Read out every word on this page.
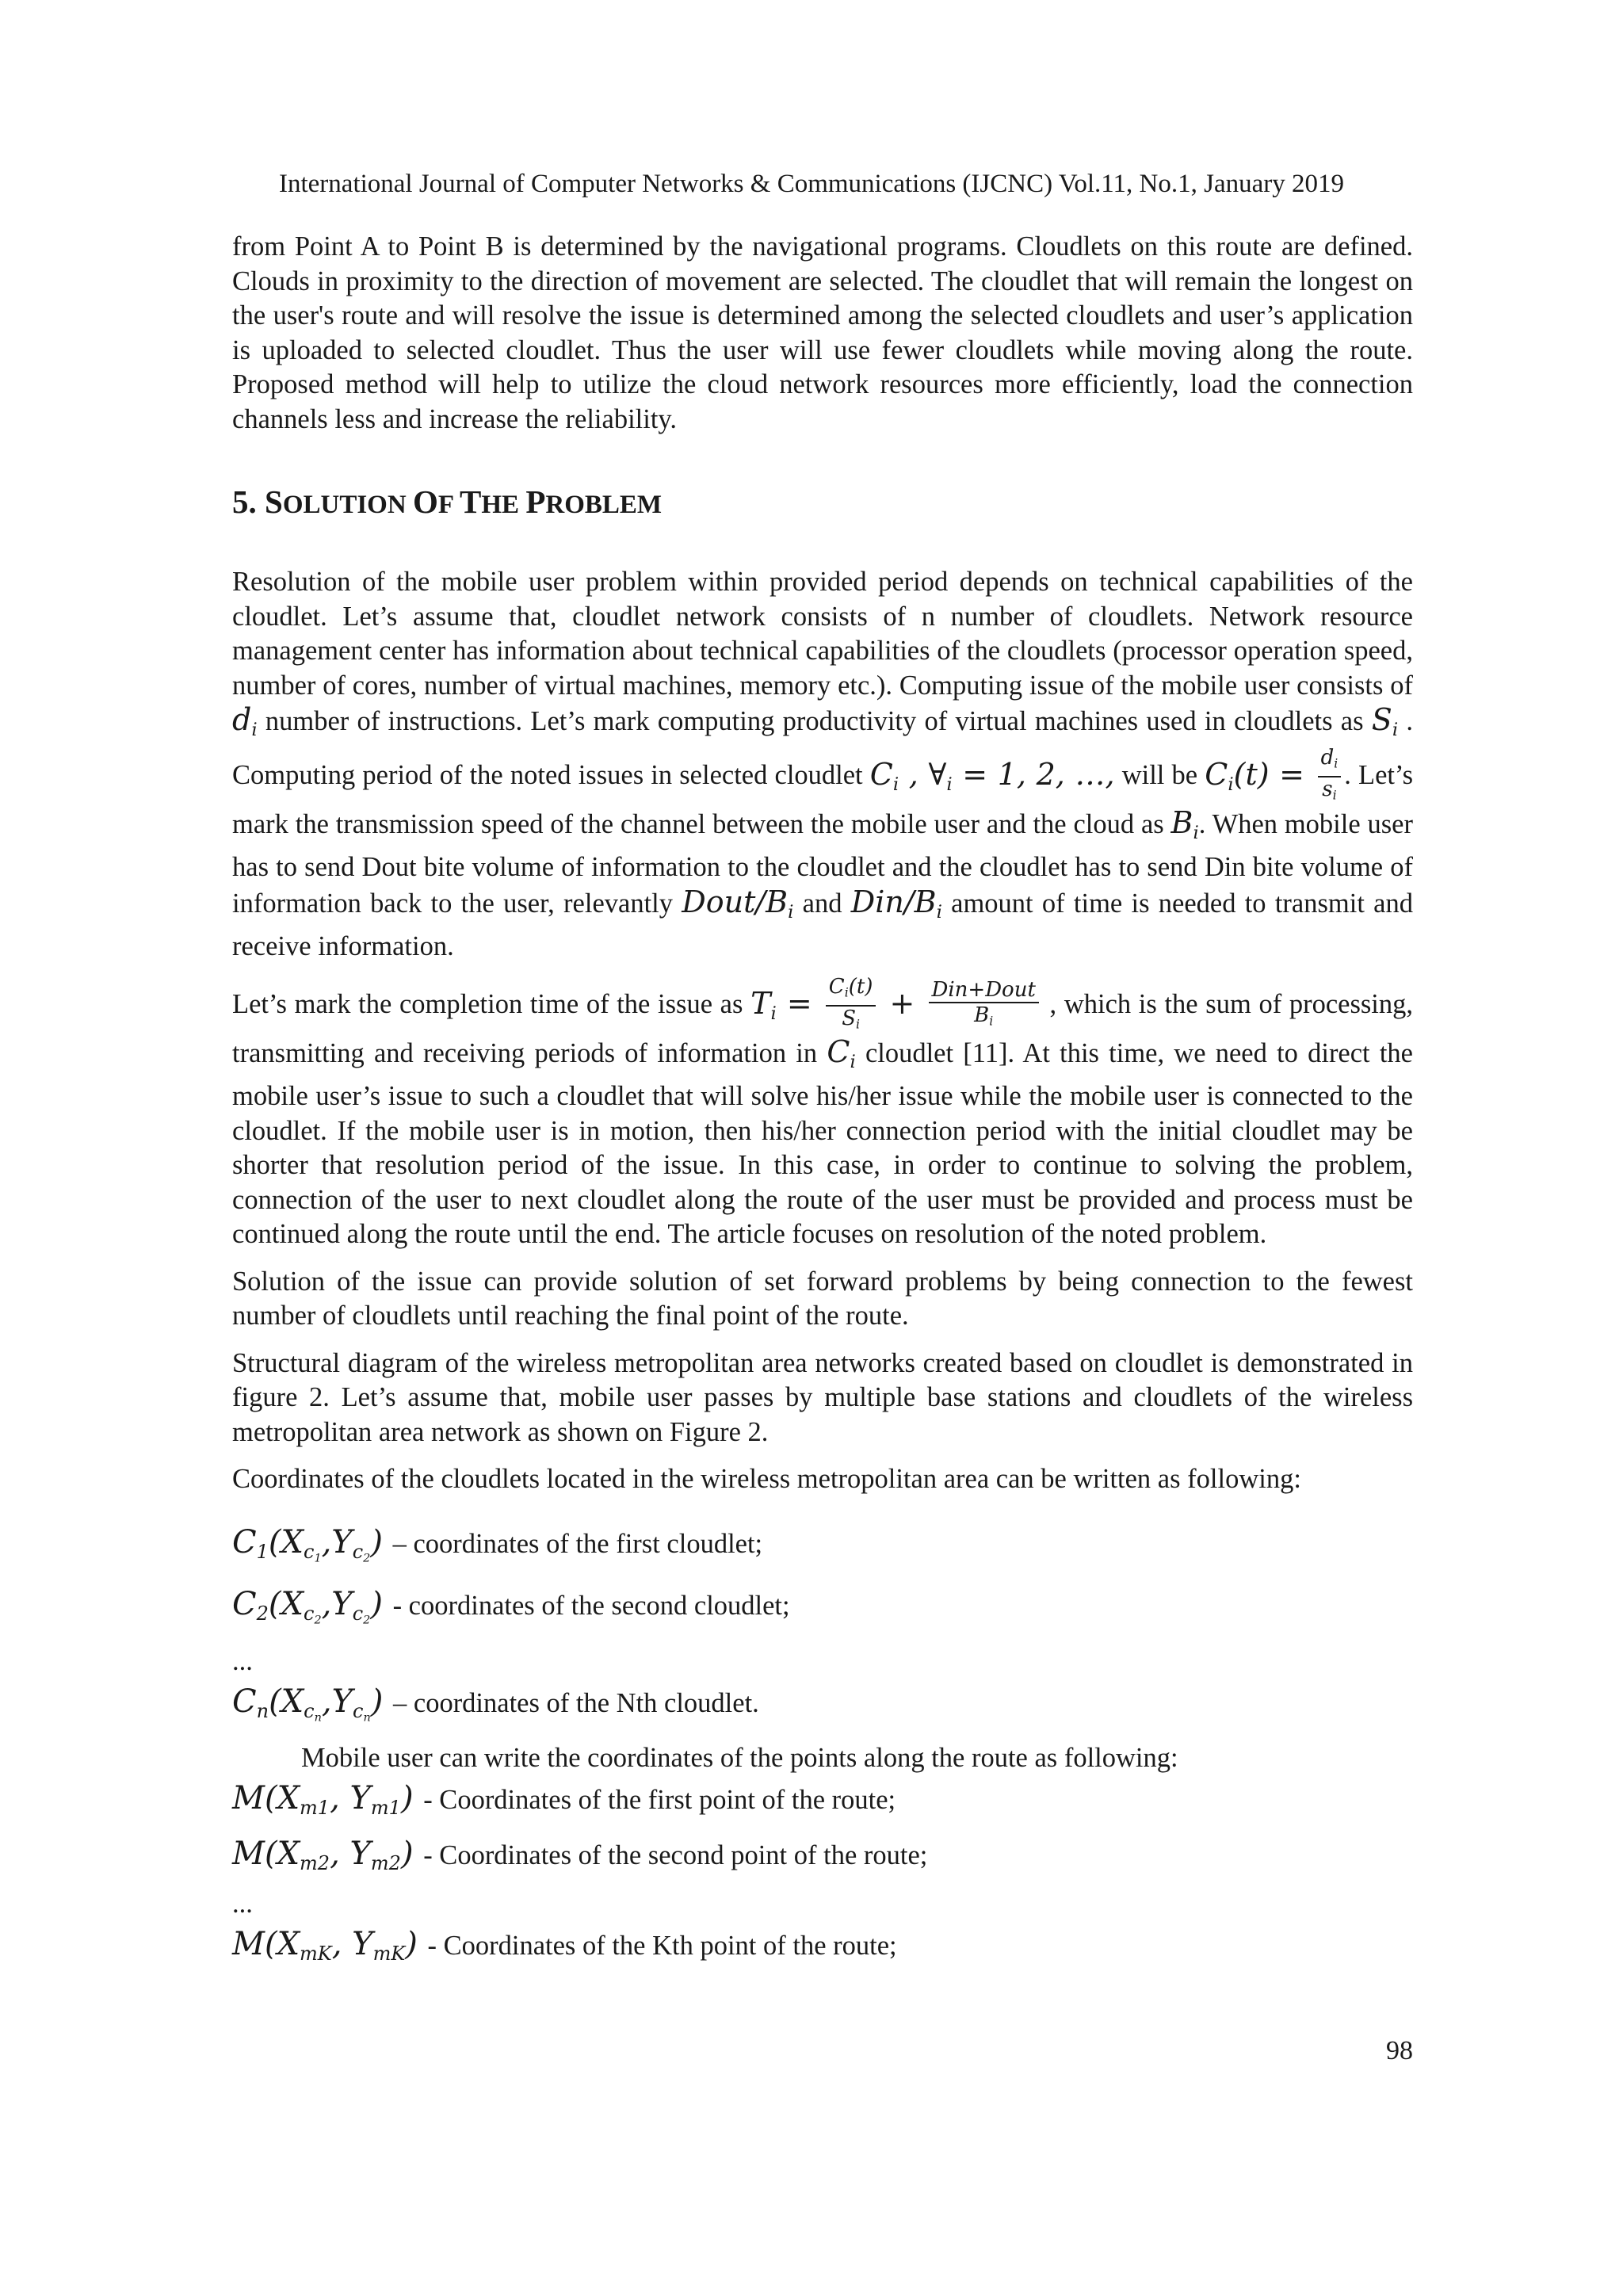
International Journal of Computer Networks & Communications (IJCNC) Vol.11, No.1, January 2019

from Point A to Point B is determined by the navigational programs. Cloudlets on this route are defined. Clouds in proximity to the direction of movement are selected. The cloudlet that will remain the longest on the user's route and will resolve the issue is determined among the selected cloudlets and user’s application is uploaded to selected cloudlet. Thus the user will use fewer cloudlets while moving along the route. Proposed method will help to utilize the cloud network resources more efficiently, load the connection channels less and increase the reliability.

5. SOLUTION OF THE PROBLEM

Resolution of the mobile user problem within provided period depends on technical capabilities of the cloudlet. Let’s assume that, cloudlet network consists of n number of cloudlets. Network resource management center has information about technical capabilities of the cloudlets (processor operation speed, number of cores, number of virtual machines, memory etc.). Computing issue of the mobile user consists of $d_i$ number of instructions. Let’s mark computing productivity of virtual machines used in cloudlets as $S_i$ . Computing period of the noted issues in selected cloudlet $C_i$ , $\forall_i = 1$, 2, …, will be $C_i(t) = \frac{d_i}{s_i}$ . Let’s mark the transmission speed of the channel between the mobile user and the cloud as $B_i$. When mobile user has to send Dout bite volume of information to the cloudlet and the cloudlet has to send Din bite volume of information back to the user, relevantly Dout/$B_i$ and Din/$B_i$ amount of time is needed to transmit and receive information.

Let’s mark the completion time of the issue as $T_i = \frac{C_i(t)}{S_i} + \frac{\text{Din+Dout}}{B_i}$ , which is the sum of processing, transmitting and receiving periods of information in $C_i$ cloudlet [11]. At this time, we need to direct the mobile user’s issue to such a cloudlet that will solve his/her issue while the mobile user is connected to the cloudlet. If the mobile user is in motion, then his/her connection period with the initial cloudlet may be shorter that resolution period of the issue. In this case, in order to continue to solving the problem, connection of the user to next cloudlet along the route of the user must be provided and process must be continued along the route until the end. The article focuses on resolution of the noted problem.

Solution of the issue can provide solution of set forward problems by being connection to the fewest number of cloudlets until reaching the final point of the route.

Structural diagram of the wireless metropolitan area networks created based on cloudlet is demonstrated in figure 2. Let’s assume that, mobile user passes by multiple base stations and cloudlets of the wireless metropolitan area network as shown on Figure 2.

Coordinates of the cloudlets located in the wireless metropolitan area can be written as following:

$C_1(X_{c_1},Y_{c_2})$ – coordinates of the first cloudlet;

$C_2(X_{c_2},Y_{c_2})$ - coordinates of the second cloudlet;

...

$C_n(X_{c_n},Y_{c_n})$ – coordinates of the Nth cloudlet.

Mobile user can write the coordinates of the points along the route as following:

$M(X_{m1}$, $Y_{m1}$) - Coordinates of the first point of the route;

$M(X_{m2}$, $Y_{m2}$) - Coordinates of the second point of the route;

...

$M(X_{mK}$, $Y_{mK}$) - Coordinates of the Kth point of the route;

98
